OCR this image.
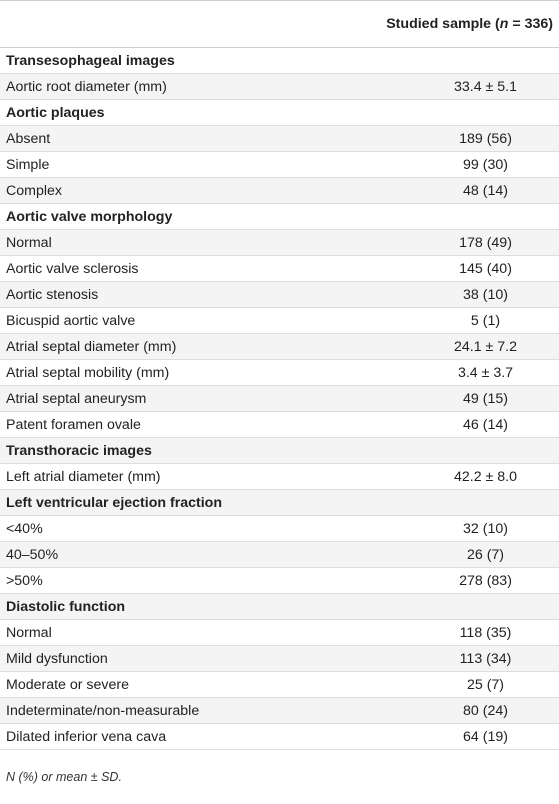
	Studied sample (n = 336)
Transesophageal images	
Aortic root diameter (mm)	33.4 ± 5.1
Aortic plaques	
Absent	189 (56)
Simple	99 (30)
Complex	48 (14)
Aortic valve morphology	
Normal	178 (49)
Aortic valve sclerosis	145 (40)
Aortic stenosis	38 (10)
Bicuspid aortic valve	5 (1)
Atrial septal diameter (mm)	24.1 ± 7.2
Atrial septal mobility (mm)	3.4 ± 3.7
Atrial septal aneurysm	49 (15)
Patent foramen ovale	46 (14)
Transthoracic images	
Left atrial diameter (mm)	42.2 ± 8.0
Left ventricular ejection fraction	
<40%	32 (10)
40–50%	26 (7)
>50%	278 (83)
Diastolic function	
Normal	118 (35)
Mild dysfunction	113 (34)
Moderate or severe	25 (7)
Indeterminate/non-measurable	80 (24)
Dilated inferior vena cava	64 (19)
N (%) or mean ± SD.
